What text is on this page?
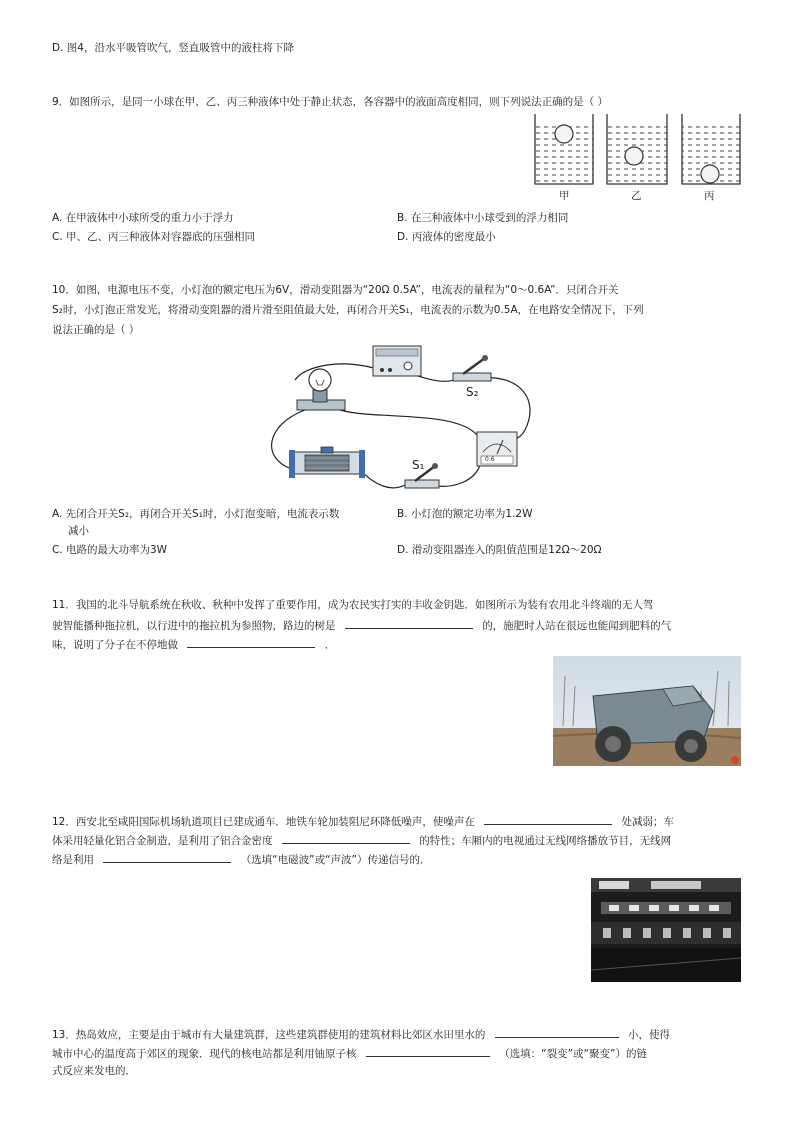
D. 图4，沿水平吸管吹气，竖直吸管中的液柱将下降
9．如图所示，是同一小球在甲、乙、丙三种液体中处于静止状态，各容器中的液面高度相同，则下列说法正确的是（ ）
甲	乙	丙
A. 在甲液体中小球所受的重力小于浮力	B. 在三种液体中小球受到的浮力相同
C. 甲、乙、丙三种液体对容器底的压强相同	D. 丙液体的密度最小
10．如图，电源电压不变，小灯泡的额定电压为6V，滑动变阻器为“20Ω 0.5A”，电流表的量程为“0～0.6A”．只闭合开关
S₂时，小灯泡正常发光，将滑动变阻器的滑片滑至阻值最大处，再闭合开关S₁，电流表的示数为0.5A，在电路安全情况下，下列
说法正确的是（ ）
S₂
S₁	0.6
A. 先闭合开关S₂，再闭合开关S₁时，小灯泡变暗，电流表示数
减小
B. 小灯泡的额定功率为1.2W
C. 电路的最大功率为3W	D. 滑动变阻器连入的阻值范围是12Ω～20Ω
11．我国的北斗导航系统在秋收、秋种中发挥了重要作用，成为农民实打实的丰收金钥匙．如图所示为装有农用北斗终端的无人驾
驶智能播种拖拉机，以行进中的拖拉机为参照物，路边的树是	的，施肥时人站在很远也能闻到肥料的气
味，说明了分子在不停地做	．
12．西安北至咸阳国际机场轨道项目已建成通车．地铁车轮加装阻尼环降低噪声，使噪声在	处减弱；车
体采用轻量化铝合金制造，是利用了铝合金密度	的特性；车厢内的电视通过无线网络播放节目，无线网
络是利用	（选填“电磁波”或“声波”）传递信号的．
13．热岛效应，主要是由于城市有大量建筑群，这些建筑群使用的建筑材料比郊区水田里水的	小，使得
城市中心的温度高于郊区的现象．现代的核电站都是利用铀原子核	（选填：“裂变”或“聚变”）的链
式反应来发电的．
